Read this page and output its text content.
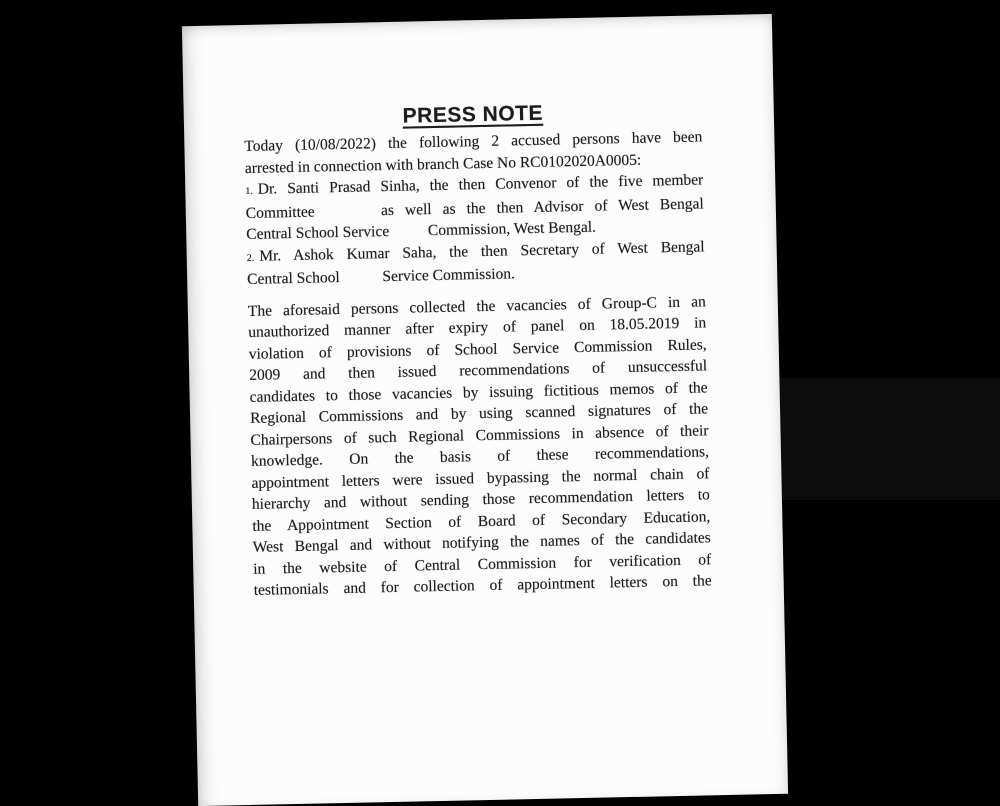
PRESS NOTE
Today (10/08/2022) the following 2 accused persons have been
arrested in connection with branch Case No RC0102020A0005:
1. Dr. Santi Prasad Sinha, the then Convenor of the five member
Committee      as well as the then Advisor of West Bengal
Central School Service          Commission, West Bengal.
2. Mr. Ashok Kumar Saha, the then Secretary of West Bengal
Central School           Service Commission.
The aforesaid persons collected the vacancies of Group-C in an
unauthorized manner after expiry of panel on 18.05.2019 in
violation of provisions of School Service Commission Rules,
2009 and then issued recommendations of unsuccessful
candidates to those vacancies by issuing fictitious memos of the
Regional Commissions and by using scanned signatures of the
Chairpersons of such Regional Commissions in absence of their
knowledge. On the basis of these recommendations,
appointment letters were issued bypassing the normal chain of
hierarchy and without sending those recommendation letters to
the Appointment Section of Board of Secondary Education,
West Bengal and without notifying the names of the candidates
in the website of Central Commission for verification of
testimonials and for collection of appointment letters on the
